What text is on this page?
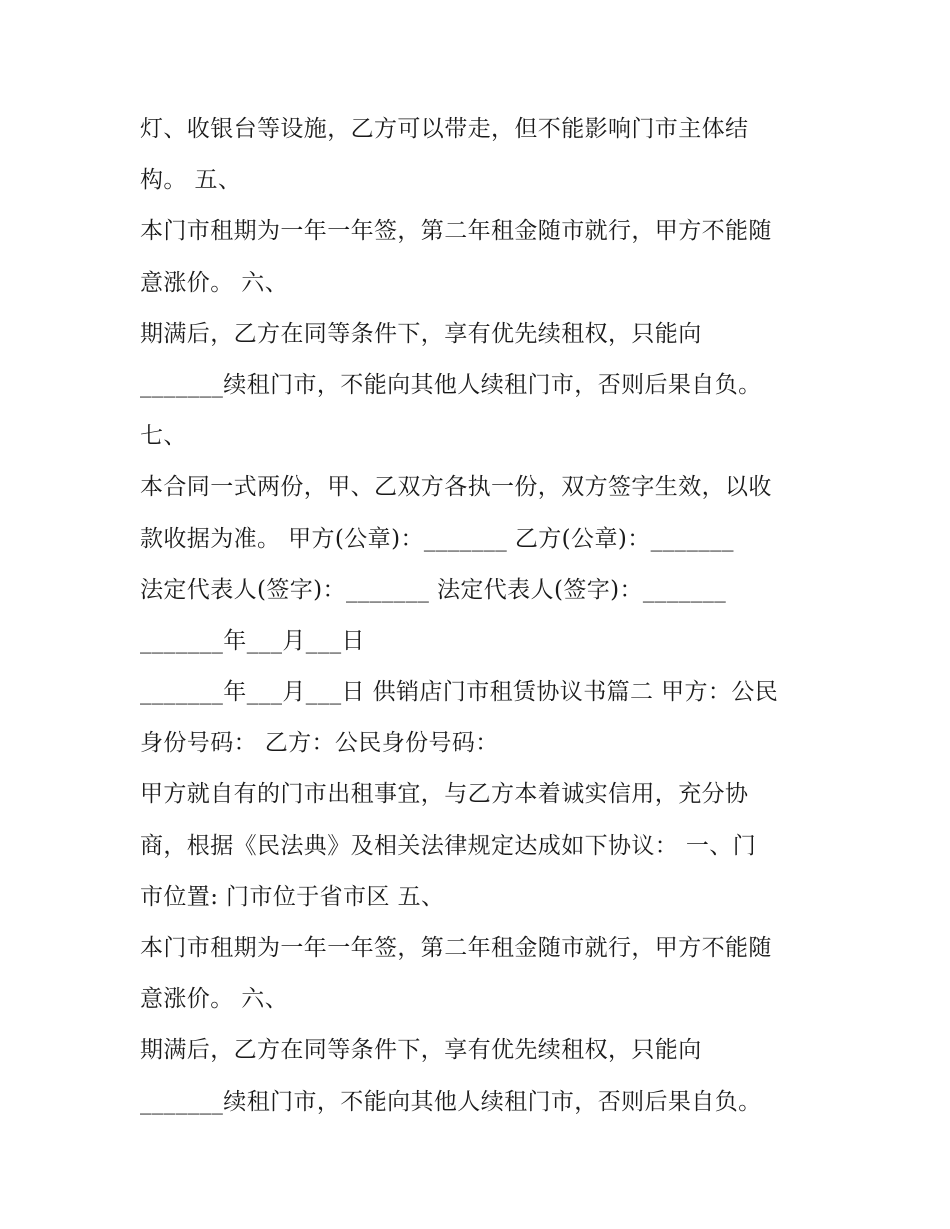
灯、收银台等设施，乙方可以带走，但不能影响门市主体结
构。 五、
本门市租期为一年一年签，第二年租金随市就行，甲方不能随
意涨价。 六、
期满后，乙方在同等条件下，享有优先续租权，只能向
_______续租门市，不能向其他人续租门市，否则后果自负。
七、
本合同一式两份，甲、乙双方各执一份，双方签字生效，以收
款收据为准。 甲方(公章)：_______ 乙方(公章)：_______
法定代表人(签字)：_______ 法定代表人(签字)：_______
_______年___月___日
_______年___月___日 供销店门市租赁协议书篇二 甲方：公民
身份号码： 乙方：公民身份号码：
甲方就自有的门市出租事宜，与乙方本着诚实信用，充分协
商，根据《民法典》及相关法律规定达成如下协议： 一、门
市位置: 门市位于省市区 五、
本门市租期为一年一年签，第二年租金随市就行，甲方不能随
意涨价。 六、
期满后，乙方在同等条件下，享有优先续租权，只能向
_______续租门市，不能向其他人续租门市，否则后果自负。
